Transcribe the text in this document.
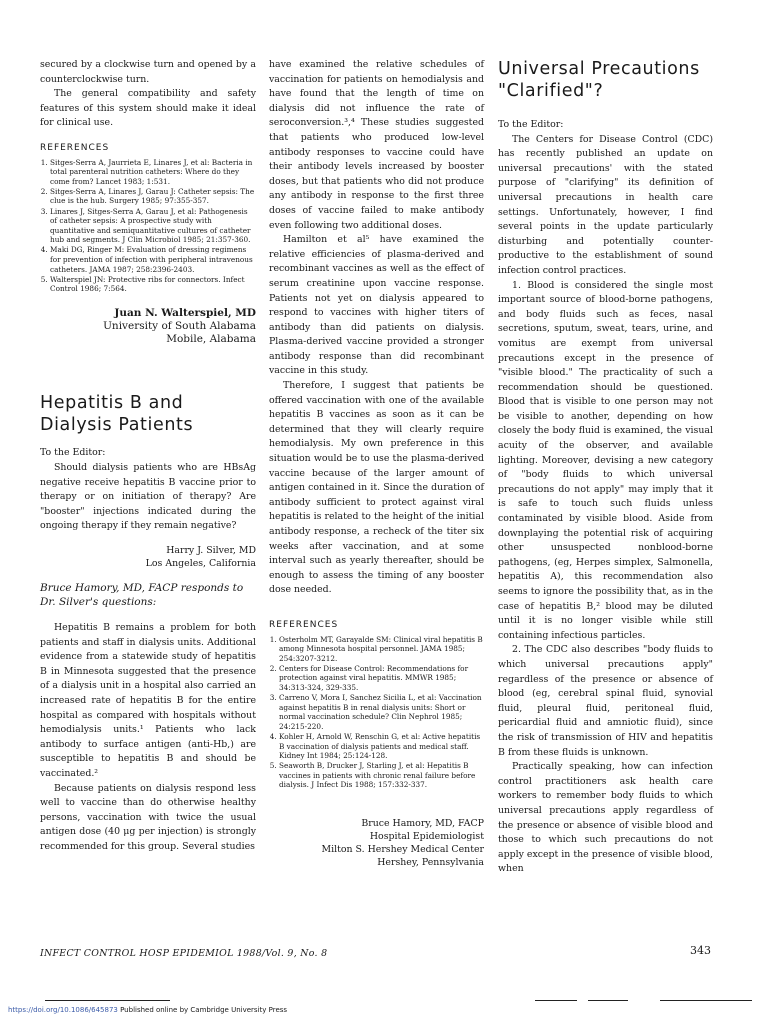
secured by a clockwise turn and opened by a counterclockwise turn.

The general compatibility and safety features of this system should make it ideal for clinical use.

REFERENCES
1. Sitges-Serra A, Jaurrieta E, Linares J, et al: Bacteria in total parenteral nutrition catheters: Where do they come from? Lancet 1983; 1:531.
2. Sitges-Serra A, Linares J, Garau J: Catheter sepsis: The clue is the hub. Surgery 1985; 97:355-357.
3. Linares J, Sitges-Serra A, Garau J, et al: Pathogenesis of catheter sepsis: A prospective study with quantitative and semiquantitative cultures of catheter hub and segments. J Clin Microbiol 1985; 21:357-360.
4. Maki DG, Ringer M: Evaluation of dressing regimens for prevention of infection with peripheral intravenous catheters. JAMA 1987; 258:2396-2403.
5. Walterspiel JN: Protective ribs for connectors. Infect Control 1986; 7:564.
Juan N. Walterspiel, MD
University of South Alabama
Mobile, Alabama
Hepatitis B and Dialysis Patients
To the Editor:

Should dialysis patients who are HBsAg negative receive hepatitis B vaccine prior to therapy or on initiation of therapy? Are "booster" injections indicated during the ongoing therapy if they remain negative?

Harry J. Silver, MD
Los Angeles, California
Bruce Hamory, MD, FACP responds to Dr. Silver's questions:

Hepatitis B remains a problem for both patients and staff in dialysis units. Additional evidence from a statewide study of hepatitis B in Minnesota suggested that the presence of a dialysis unit in a hospital also carried an increased rate of hepatitis B for the entire hospital as compared with hospitals without hemodialysis units.¹ Patients who lack antibody to surface antigen (anti-Hb,) are susceptible to hepatitis B and should be vaccinated.²

Because patients on dialysis respond less well to vaccine than do otherwise healthy persons, vaccination with twice the usual antigen dose (40 μg per injection) is strongly recommended for this group. Several studies

have examined the relative schedules of vaccination for patients on hemodialysis and have found that the length of time on dialysis did not influence the rate of seroconversion.³,⁴ These studies suggested that patients who produced low-level antibody responses to vaccine could have their antibody levels increased by booster doses, but that patients who did not produce any antibody in response to the first three doses of vaccine failed to make antibody even following two additional doses.

Hamilton et al⁵ have examined the relative efficiencies of plasma-derived and recombinant vaccines as well as the effect of serum creatinine upon vaccine response. Patients not yet on dialysis appeared to respond to vaccines with higher titers of antibody than did patients on dialysis. Plasma-derived vaccine provided a stronger antibody response than did recombinant vaccine in this study.

Therefore, I suggest that patients be offered vaccination with one of the available hepatitis B vaccines as soon as it can be determined that they will clearly require hemodialysis. My own preference in this situation would be to use the plasma-derived vaccine because of the larger amount of antigen contained in it. Since the duration of antibody sufficient to protect against viral hepatitis is related to the height of the initial antibody response, a recheck of the titer six weeks after vaccination, and at some interval such as yearly thereafter, should be enough to assess the timing of any booster dose needed.

REFERENCES
1. Osterholm MT, Garayalde SM: Clinical viral hepatitis B among Minnesota hospital personnel. JAMA 1985; 254:3207-3212.
2. Centers for Disease Control: Recommendations for protection against viral hepatitis. MMWR 1985; 34:313-324, 329-335.
3. Carreno V, Mora I, Sanchez Sicilia L, et al: Vaccination against hepatitis B in renal dialysis units: Short or normal vaccination schedule? Clin Nephrol 1985; 24:215-220.
4. Kohler H, Arnold W, Renschin G, et al: Active hepatitis B vaccination of dialysis patients and medical staff. Kidney Int 1984; 25:124-128.
5. Seaworth B, Drucker J, Starling J, et al: Hepatitis B vaccines in patients with chronic renal failure before dialysis. J Infect Dis 1988; 157:332-337.
Bruce Hamory, MD, FACP
Hospital Epidemiologist
Milton S. Hershey Medical Center
Hershey, Pennsylvania
Universal Precautions "Clarified"?
To the Editor:

The Centers for Disease Control (CDC) has recently published an update on universal precautions' with the stated purpose of "clarifying" its definition of universal precautions in health care settings. Unfortunately, however, I find several points in the update particularly disturbing and potentially counter-productive to the establishment of sound infection control practices.

1. Blood is considered the single most important source of blood-borne pathogens, and body fluids such as feces, nasal secretions, sputum, sweat, tears, urine, and vomitus are exempt from universal precautions except in the presence of "visible blood." The practicality of such a recommendation should be questioned. Blood that is visible to one person may not be visible to another, depending on how closely the body fluid is examined, the visual acuity of the observer, and available lighting. Moreover, devising a new category of "body fluids to which universal precautions do not apply" may imply that it is safe to touch such fluids unless contaminated by visible blood. Aside from downplaying the potential risk of acquiring other unsuspected nonblood-borne pathogens, (eg, Herpes simplex, Salmonella, hepatitis A), this recommendation also seems to ignore the possibility that, as in the case of hepatitis B,² blood may be diluted until it is no longer visible while still containing infectious particles.

2. The CDC also describes "body fluids to which universal precautions apply" regardless of the presence or absence of blood (eg, cerebral spinal fluid, synovial fluid, pleural fluid, peritoneal fluid, pericardial fluid and amniotic fluid), since the risk of transmission of HIV and hepatitis B from these fluids is unknown.

Practically speaking, how can infection control practitioners ask health care workers to remember body fluids to which universal precautions apply regardless of the presence or absence of visible blood and those to which such precautions do not apply except in the presence of visible blood, when

INFECT CONTROL HOSP EPIDEMIOL 1988/Vol. 9, No. 8	343
https://doi.org/10.1086/645873 Published online by Cambridge University Press
